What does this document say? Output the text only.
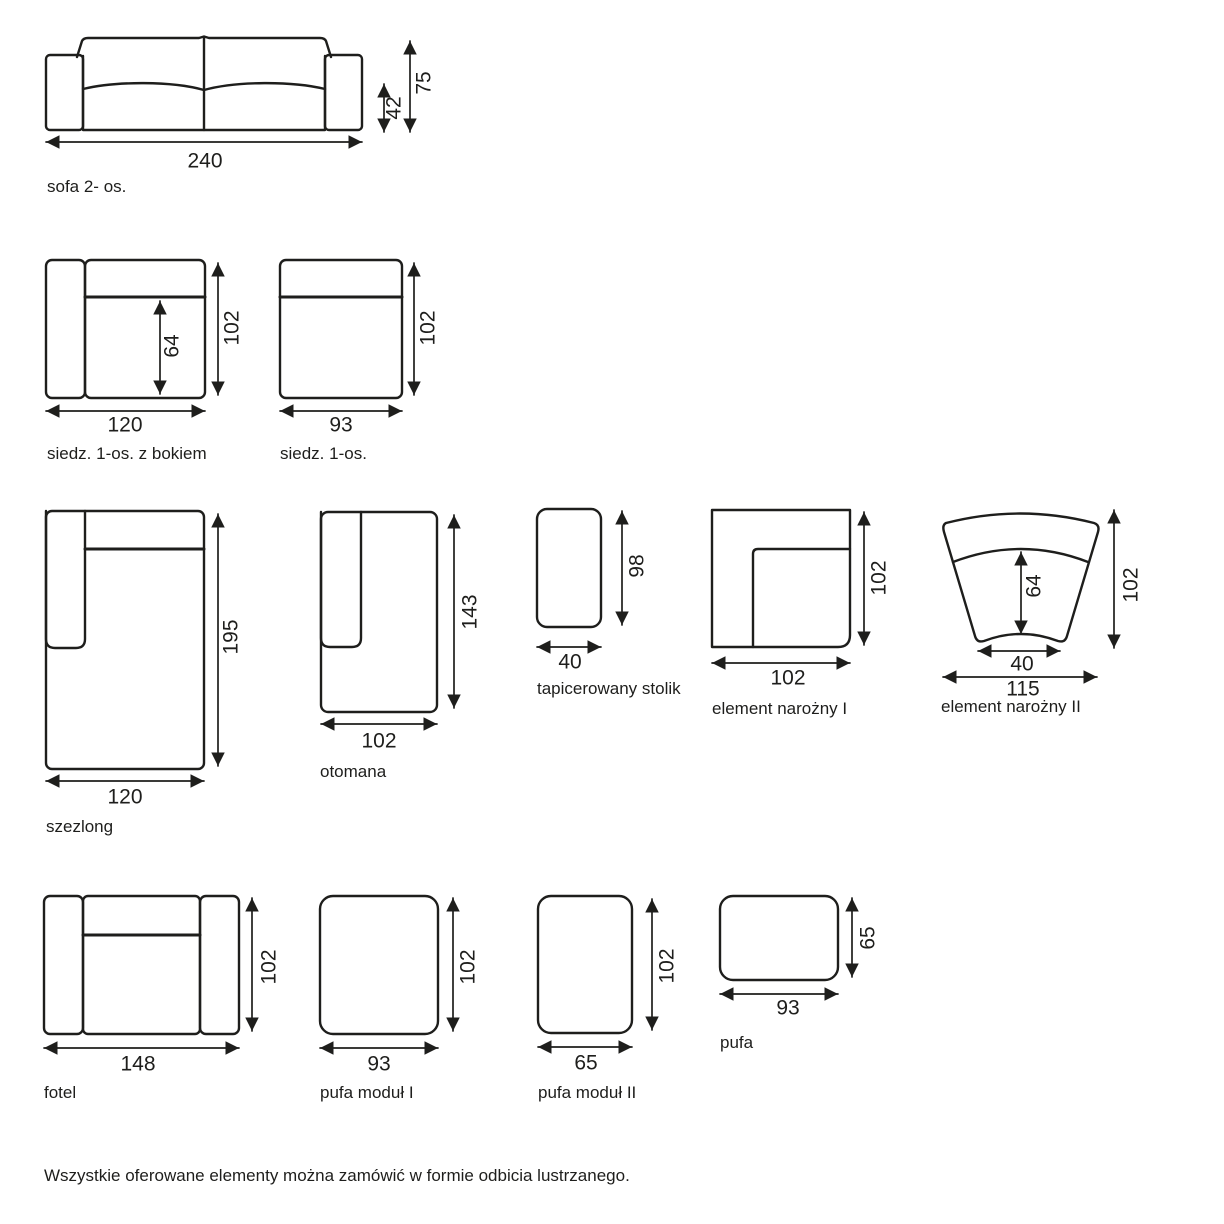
240
42
75
64
102
120
102
93
195
120
143
102
98
40
102
102
64	102
40
115
102
148
102
93
102
65
65
93
sofa 2- os.
siedz. 1-os. z bokiem	siedz. 1-os.
szezlong
otomana
tapicerowany stolik
element narożny I	element narożny II
fotel	pufa moduł I	pufa moduł II
pufa
Wszystkie oferowane elementy można zamówić w formie odbicia lustrzanego.
